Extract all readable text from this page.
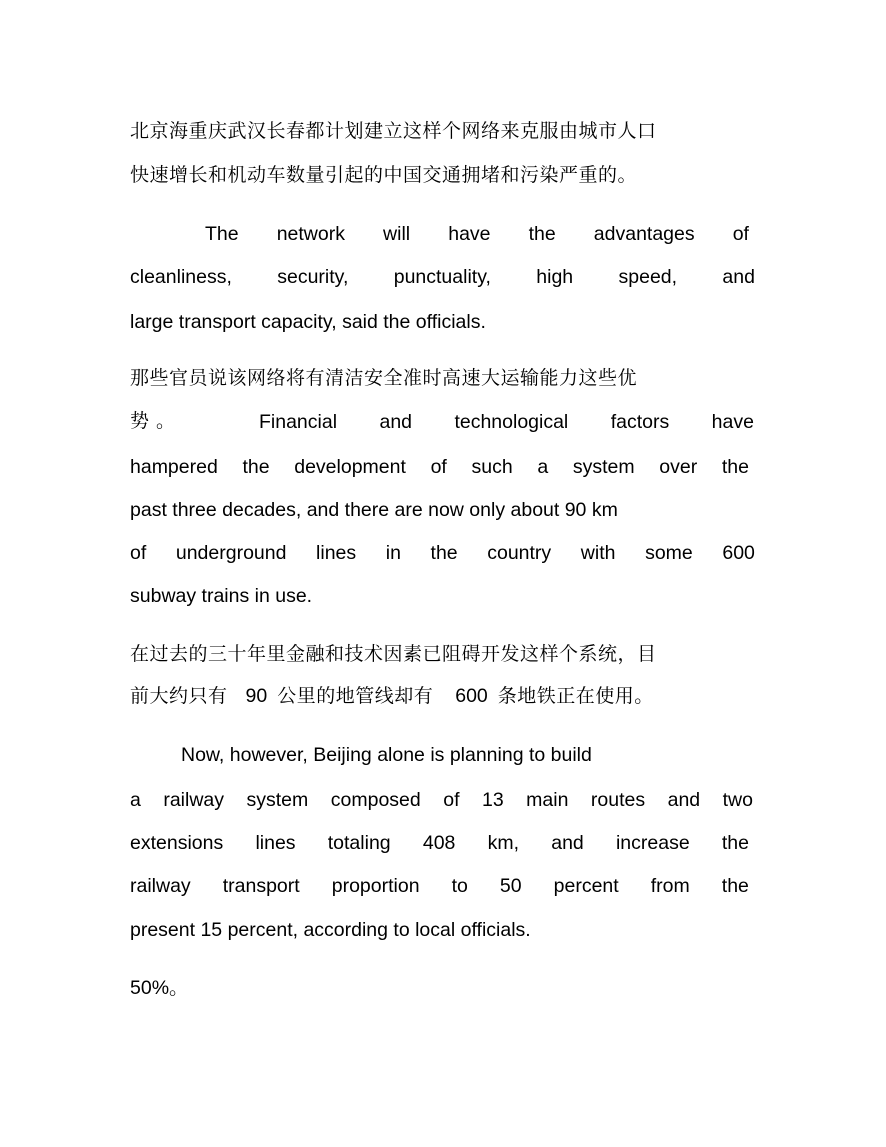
北京海重庆武汉长春都计划建立这样个网络来克服由城市人口
快速增长和机动车数量引起的中国交通拥堵和污染严重的。
The network will have the advantages of
cleanliness, security, punctuality, high speed, and
large transport capacity, said the officials.
那些官员说该网络将有清洁安全准时高速大运输能力这些优
势 。	Financial and technological factors have
hampered the development of such a system over the
past three decades, and there are now only about 90 km
of underground lines in the country with some 600
subway trains in use.
在过去的三十年里金融和技术因素已阻碍开发这样个系统，目
前大约只有 90 公里的地管线却有 600 条地铁正在使用。
Now, however, Beijing alone is planning to build
a railway system composed of 13 main routes and two
extensions lines totaling 408 km, and increase the
railway transport proportion to 50 percent from the
present 15 percent, according to local officials.
50%。
